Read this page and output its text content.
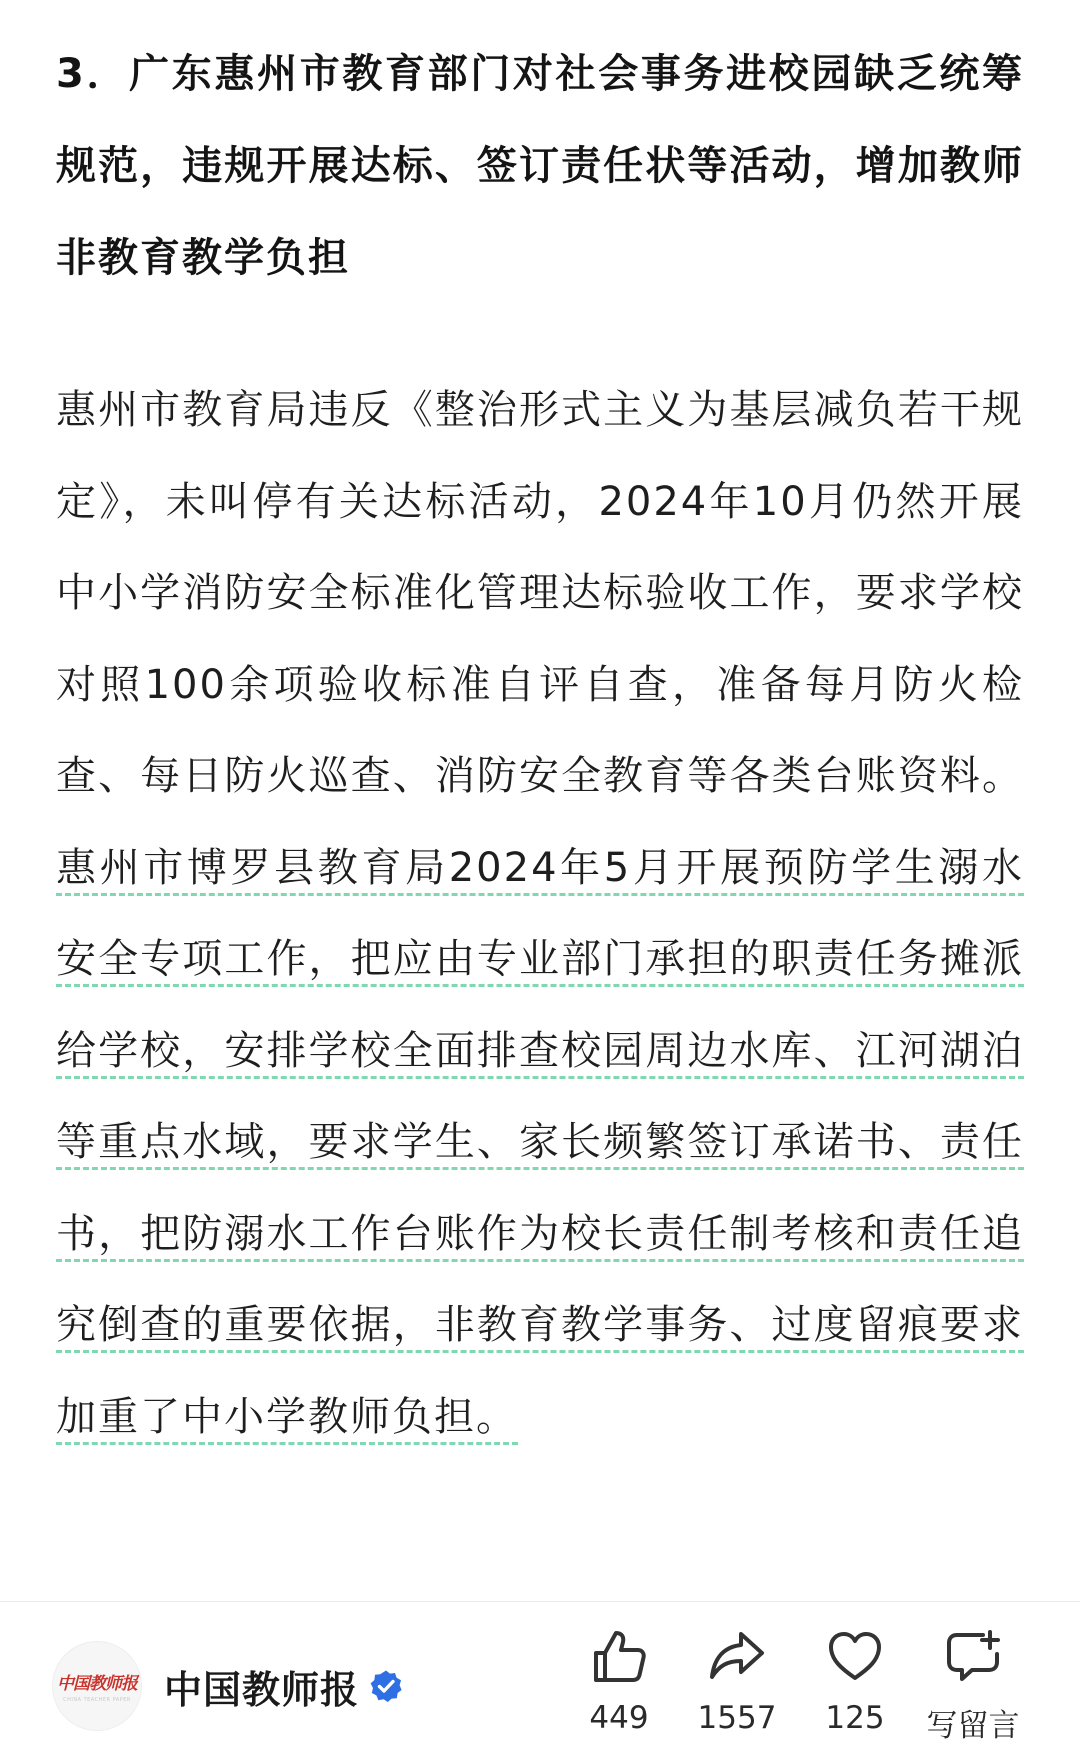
3．广东惠州市教育部门对社会事务进校园缺乏统筹规范，违规开展达标、签订责任状等活动，增加教师非教育教学负担

惠州市教育局违反《整治形式主义为基层减负若干规定》，未叫停有关达标活动，2024年10月仍然开展中小学消防安全标准化管理达标验收工作，要求学校对照100余项验收标准自评自查，准备每月防火检查、每日防火巡查、消防安全教育等各类台账资料。惠州市博罗县教育局2024年5月开展预防学生溺水安全专项工作，把应由专业部门承担的职责任务摊派给学校，安排学校全面排查校园周边水库、江河湖泊等重点水域，要求学生、家长频繁签订承诺书、责任书，把防溺水工作台账作为校长责任制考核和责任追究倒查的重要依据，非教育教学事务、过度留痕要求加重了中小学教师负担。

中国教师报
CHINA TEACHER PAPER 中国教师报
449 1557 125 写留言
